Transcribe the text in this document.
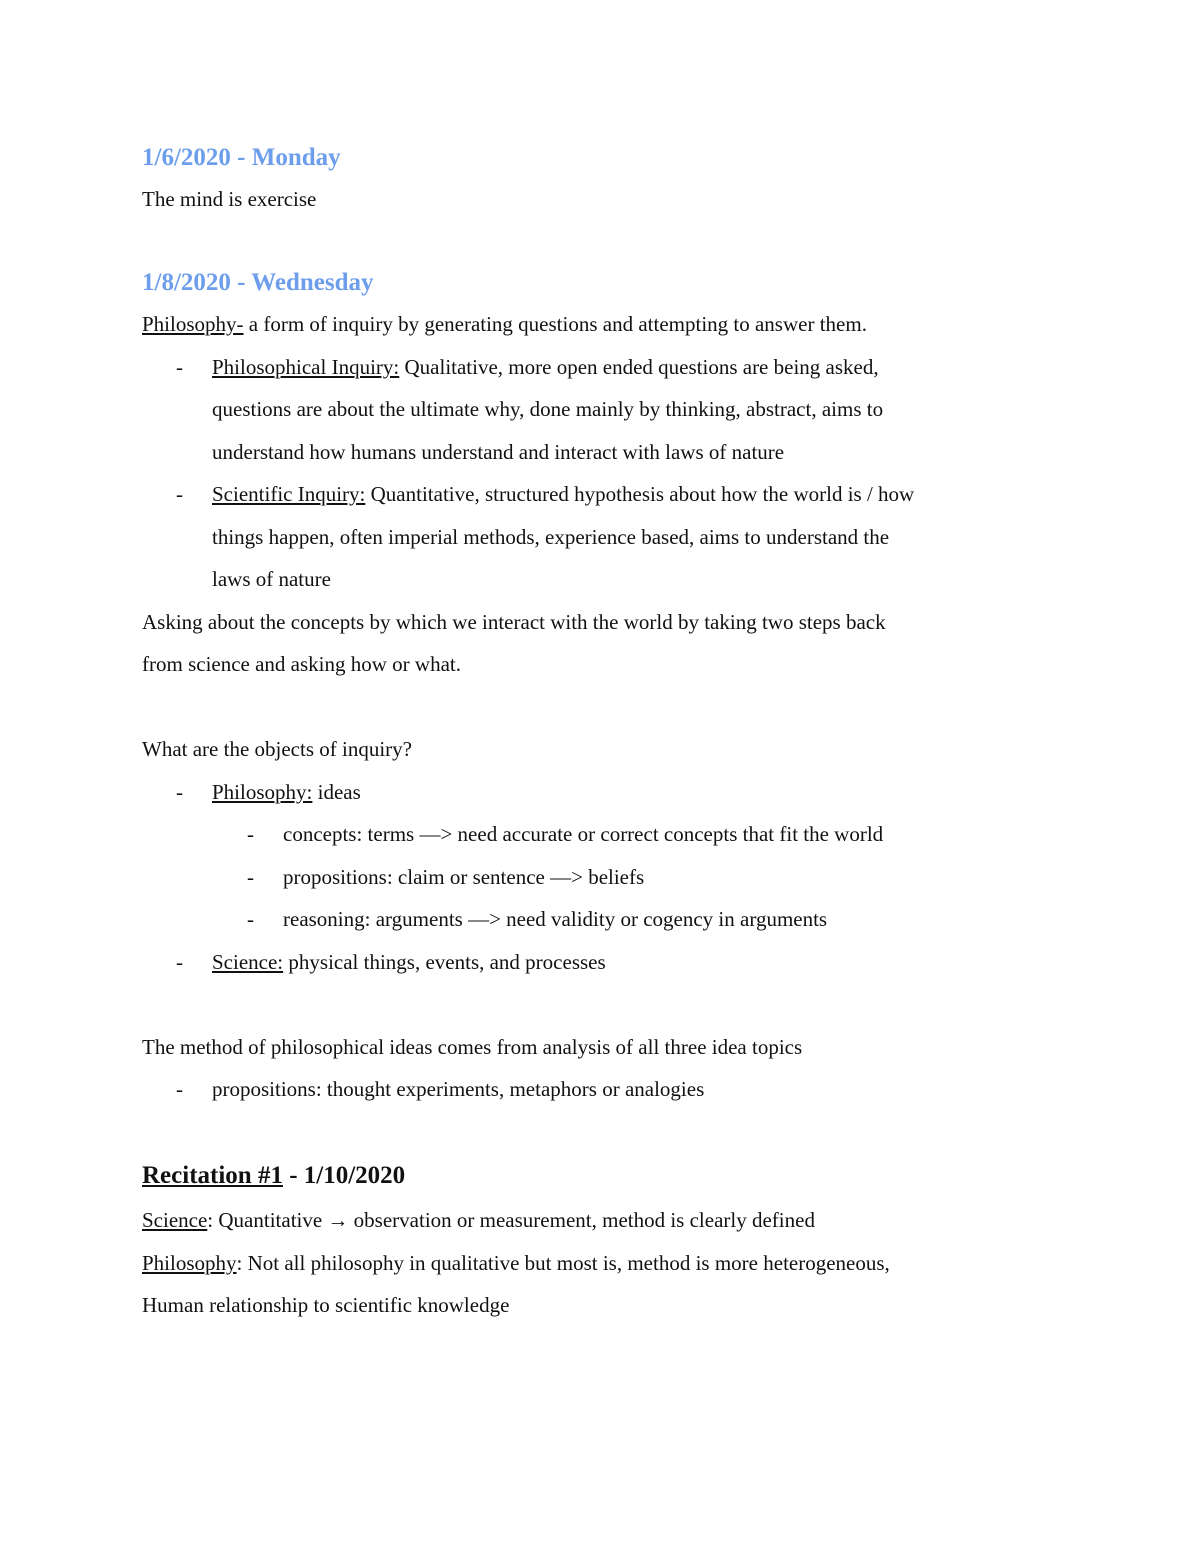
1/6/2020 - Monday

The mind is exercise

1/8/2020 - Wednesday

Philosophy- a form of inquiry by generating questions and attempting to answer them.

- Philosophical Inquiry: Qualitative, more open ended questions are being asked,

questions are about the ultimate why, done mainly by thinking, abstract, aims to

understand how humans understand and interact with laws of nature

- Scientific Inquiry: Quantitative, structured hypothesis about how the world is / how

things happen, often imperial methods, experience based, aims to understand the

laws of nature

Asking about the concepts by which we interact with the world by taking two steps back

from science and asking how or what.

What are the objects of inquiry?

- Philosophy: ideas

- concepts: terms —> need accurate or correct concepts that fit the world

- propositions: claim or sentence —> beliefs

- reasoning: arguments —> need validity or cogency in arguments

- Science: physical things, events, and processes

The method of philosophical ideas comes from analysis of all three idea topics

- propositions: thought experiments, metaphors or analogies

Recitation #1 - 1/10/2020

Science: Quantitative → observation or measurement, method is clearly defined

Philosophy: Not all philosophy in qualitative but most is, method is more heterogeneous,

Human relationship to scientific knowledge
